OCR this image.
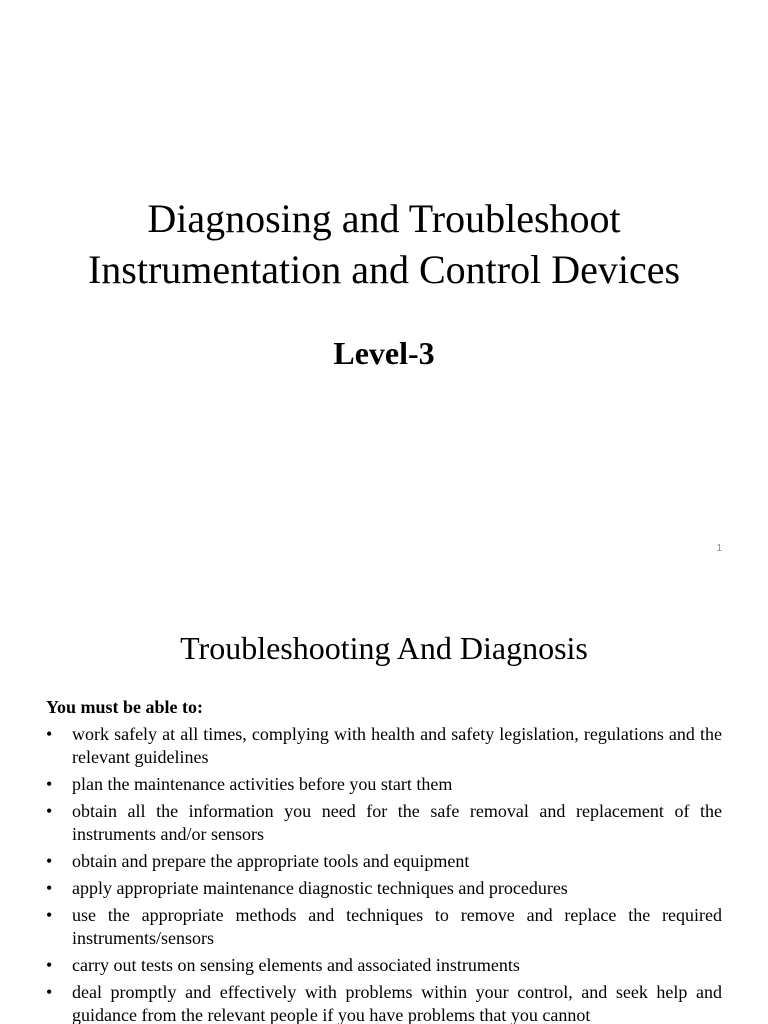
Diagnosing and Troubleshoot
Instrumentation and Control Devices
Level-3
1
Troubleshooting And Diagnosis
You must be able to:
• work safely at all times, complying with health and safety legislation, regulations and the relevant guidelines
• plan the maintenance activities before you start them
• obtain all the information you need for the safe removal and replacement of the instruments and/or sensors
• obtain and prepare the appropriate tools and equipment
• apply appropriate maintenance diagnostic techniques and procedures
• use the appropriate methods and techniques to remove and replace the required instruments/sensors
• carry out tests on sensing elements and associated instruments
• deal promptly and effectively with problems within your control, and seek help and guidance from the relevant people if you have problems that you cannot
